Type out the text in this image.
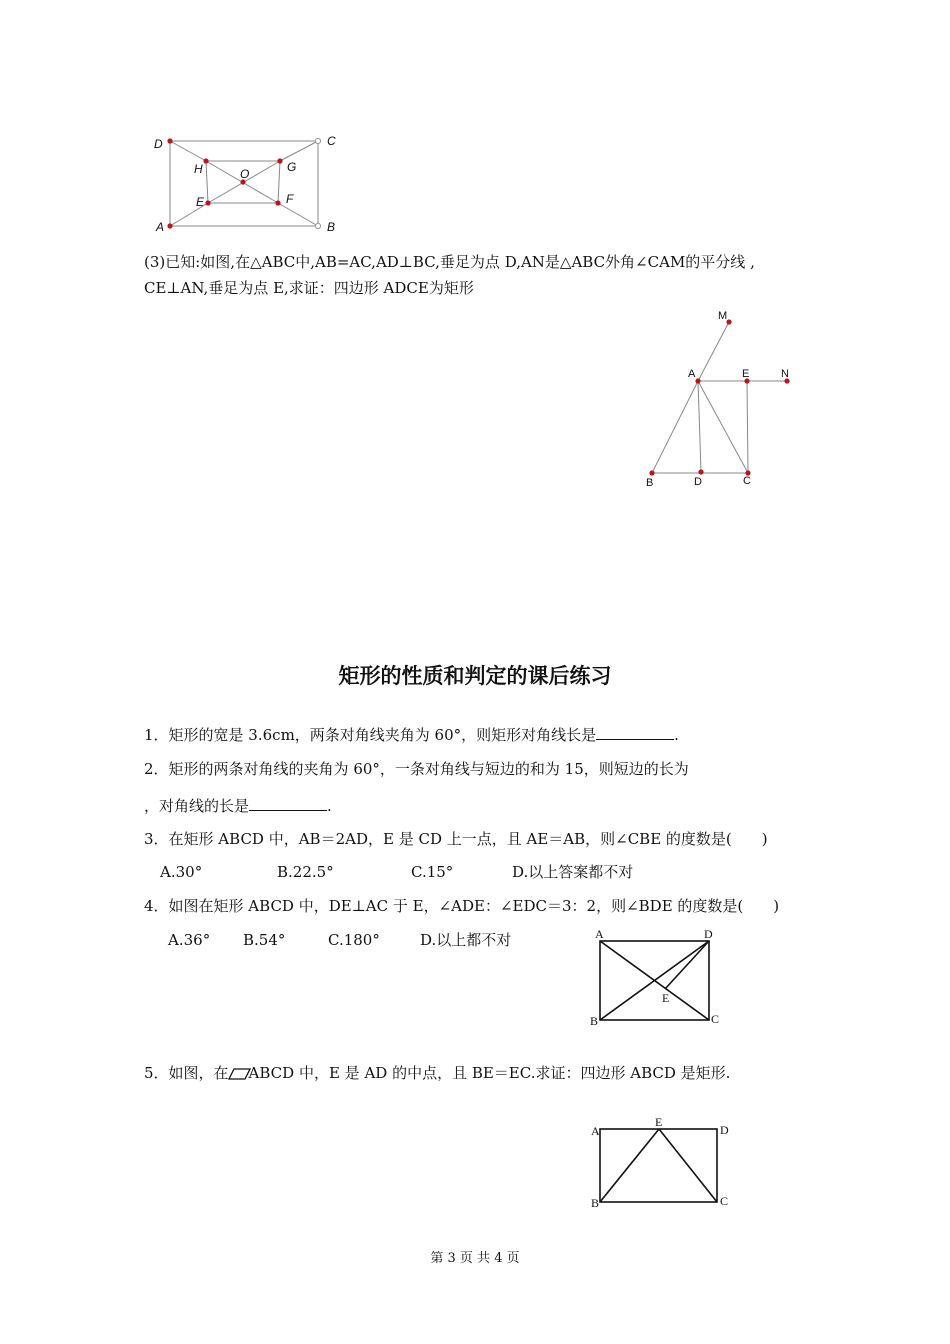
D	C
H	G
O
E	F
A	B
(3)已知:如图,在△ABC中,AB=AC,AD⊥BC,垂足为点 D,AN是△ABC外角∠CAM的平分线 ,
CE⊥AN,垂足为点 E,求证：四边形 ADCE为矩形
M
A	E	N
B	D	C
矩形的性质和判定的课后练习
1．矩形的宽是 3.6cm，两条对角线夹角为 60°，则矩形对角线长是	.
2．矩形的两条对角线的夹角为 60°，一条对角线与短边的和为 15，则短边的长为
，对角线的长是	.
3．在矩形 ABCD 中，AB＝2AD，E 是 CD 上一点，且 AE＝AB，则∠CBE 的度数是(　　)
A.30°	B.22.5°	C.15°	D.以上答案都不对
4．如图在矩形 ABCD 中，DE⊥AC 于 E，∠ADE：∠EDC＝3：2，则∠BDE 的度数是(　　)
A.36° B.54°	C.180°	D.以上都不对	A	D
E
B	C
5．如图，在 ABCD 中，E 是 AD 的中点，且 BE＝EC.求证：四边形 ABCD 是矩形.
A
E
D
B	C
第 3 页 共 4 页
